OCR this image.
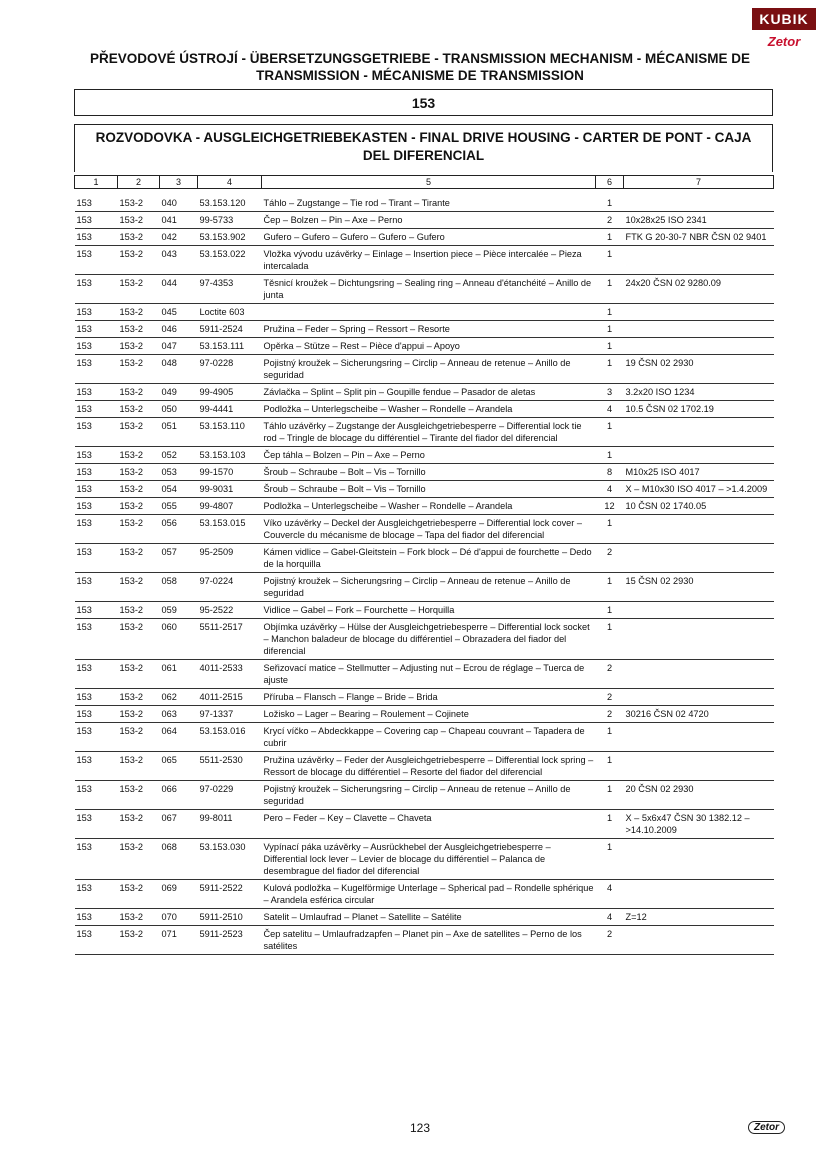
KUBIK
Zetor
PŘEVODOVÉ ÚSTROJÍ - ÜBERSETZUNGSGETRIEBE - TRANSMISSION MECHANISM - MÉCANISME DE
TRANSMISSION - MÉCANISME DE TRANSMISSION
153
ROZVODOVKA - AUSGLEICHGETRIEBEKASTEN - FINAL DRIVE HOUSING - CARTER DE PONT - CAJA
DEL DIFERENCIAL
1	2	3	4	5	6	7

153	153-2	040	53.153.120	Táhlo – Zugstange – Tie rod – Tirant – Tirante	1	
153	153-2	041	99-5733	Čep – Bolzen – Pin – Axe – Perno	2	10x28x25 ISO 2341
153	153-2	042	53.153.902	Gufero – Gufero – Gufero – Gufero – Gufero	1	FTK G 20-30-7 NBR ČSN 02 9401
153	153-2	043	53.153.022	Vložka vývodu uzávěrky – Einlage – Insertion piece – Pièce intercalée – Pieza intercalada	1	
153	153-2	044	97-4353	Těsnicí kroužek – Dichtungsring – Sealing ring – Anneau d'étanchéité – Anillo de junta	1	24x20 ČSN 02 9280.09
153	153-2	045	Loctite 603		1	
153	153-2	046	5911-2524	Pružina – Feder – Spring – Ressort – Resorte	1	
153	153-2	047	53.153.111	Opěrka – Stütze – Rest – Pièce d'appui – Apoyo	1	
153	153-2	048	97-0228	Pojistný kroužek – Sicherungsring – Circlip – Anneau de retenue – Anillo de seguridad	1	19 ČSN 02 2930
153	153-2	049	99-4905	Závlačka – Splint – Split pin – Goupille fendue – Pasador de aletas	3	3.2x20 ISO 1234
153	153-2	050	99-4441	Podložka – Unterlegscheibe – Washer – Rondelle – Arandela	4	10.5 ČSN 02 1702.19
153	153-2	051	53.153.110	Táhlo uzávěrky – Zugstange der Ausgleichgetriebesperre – Differential lock tie rod – Tringle de blocage du différentiel – Tirante del fiador del diferencial	1	
153	153-2	052	53.153.103	Čep táhla – Bolzen – Pin – Axe – Perno	1	
153	153-2	053	99-1570	Šroub – Schraube – Bolt – Vis – Tornillo	8	M10x25 ISO 4017
153	153-2	054	99-9031	Šroub – Schraube – Bolt – Vis – Tornillo	4	X – M10x30 ISO 4017 – >1.4.2009
153	153-2	055	99-4807	Podložka – Unterlegscheibe – Washer – Rondelle – Arandela	12	10 ČSN 02 1740.05
153	153-2	056	53.153.015	Víko uzávěrky – Deckel der Ausgleichgetriebesperre – Differential lock cover – Couvercle du mécanisme de blocage – Tapa del fiador del diferencial	1	
153	153-2	057	95-2509	Kámen vidlice – Gabel-Gleitstein – Fork block – Dé d'appui de fourchette – Dedo de la horquilla	2	
153	153-2	058	97-0224	Pojistný kroužek – Sicherungsring – Circlip – Anneau de retenue – Anillo de seguridad	1	15 ČSN 02 2930
153	153-2	059	95-2522	Vidlice – Gabel – Fork – Fourchette – Horquilla	1	
153	153-2	060	5511-2517	Objímka uzávěrky – Hülse der Ausgleichgetriebesperre – Differential lock socket – Manchon baladeur de blocage du différentiel – Obrazadera del fiador del diferencial	1	
153	153-2	061	4011-2533	Seřizovací matice – Stellmutter – Adjusting nut – Ecrou de réglage – Tuerca de ajuste	2	
153	153-2	062	4011-2515	Příruba – Flansch – Flange – Bride – Brida	2	
153	153-2	063	97-1337	Ložisko – Lager – Bearing – Roulement – Cojinete	2	30216 ČSN 02 4720
153	153-2	064	53.153.016	Krycí víčko – Abdeckkappe – Covering cap – Chapeau couvrant – Tapadera de cubrir	1	
153	153-2	065	5511-2530	Pružina uzávěrky – Feder der Ausgleichgetriebesperre – Differential lock spring – Ressort de blocage du différentiel – Resorte del fiador del diferencial	1	
153	153-2	066	97-0229	Pojistný kroužek – Sicherungsring – Circlip – Anneau de retenue – Anillo de seguridad	1	20 ČSN 02 2930
153	153-2	067	99-8011	Pero – Feder – Key – Clavette – Chaveta	1	X – 5x6x47 ČSN 30 1382.12 – >14.10.2009
153	153-2	068	53.153.030	Vypínací páka uzávěrky – Ausrückhebel der Ausgleichgetriebesperre – Differential lock lever – Levier de blocage du différentiel – Palanca de desembrague del fiador del diferencial	1	
153	153-2	069	5911-2522	Kulová podložka – Kugelförmige Unterlage – Spherical pad – Rondelle sphérique – Arandela esférica circular	4	
153	153-2	070	5911-2510	Satelit – Umlaufrad – Planet – Satellite – Satélite	4	Z=12
153	153-2	071	5911-2523	Čep satelitu – Umlaufradzapfen – Planet pin – Axe de satellites – Perno de los satélites	2	
123	Zetor
